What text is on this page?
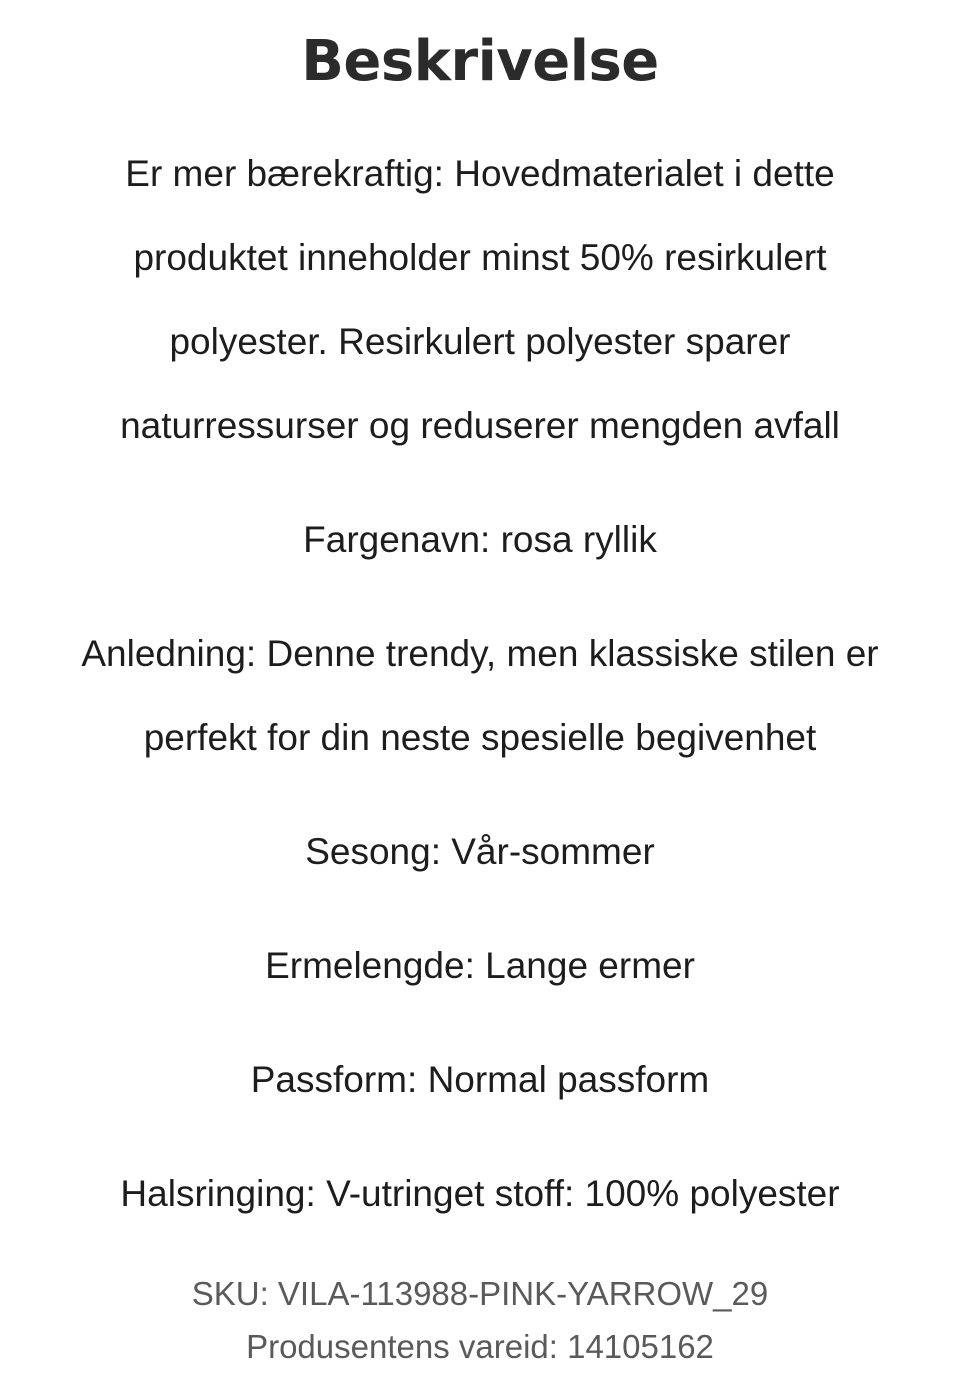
Beskrivelse

Er mer bærekraftig: Hovedmaterialet i dette
produktet inneholder minst 50% resirkulert
polyester. Resirkulert polyester sparer
naturressurser og reduserer mengden avfall

Fargenavn: rosa ryllik

Anledning: Denne trendy, men klassiske stilen er
perfekt for din neste spesielle begivenhet

Sesong: Vår-sommer

Ermelengde: Lange ermer

Passform: Normal passform

Halsringing: V-utringet stoff: 100% polyester

SKU: VILA-113988-PINK-YARROW_29

Produsentens vareid: 14105162
